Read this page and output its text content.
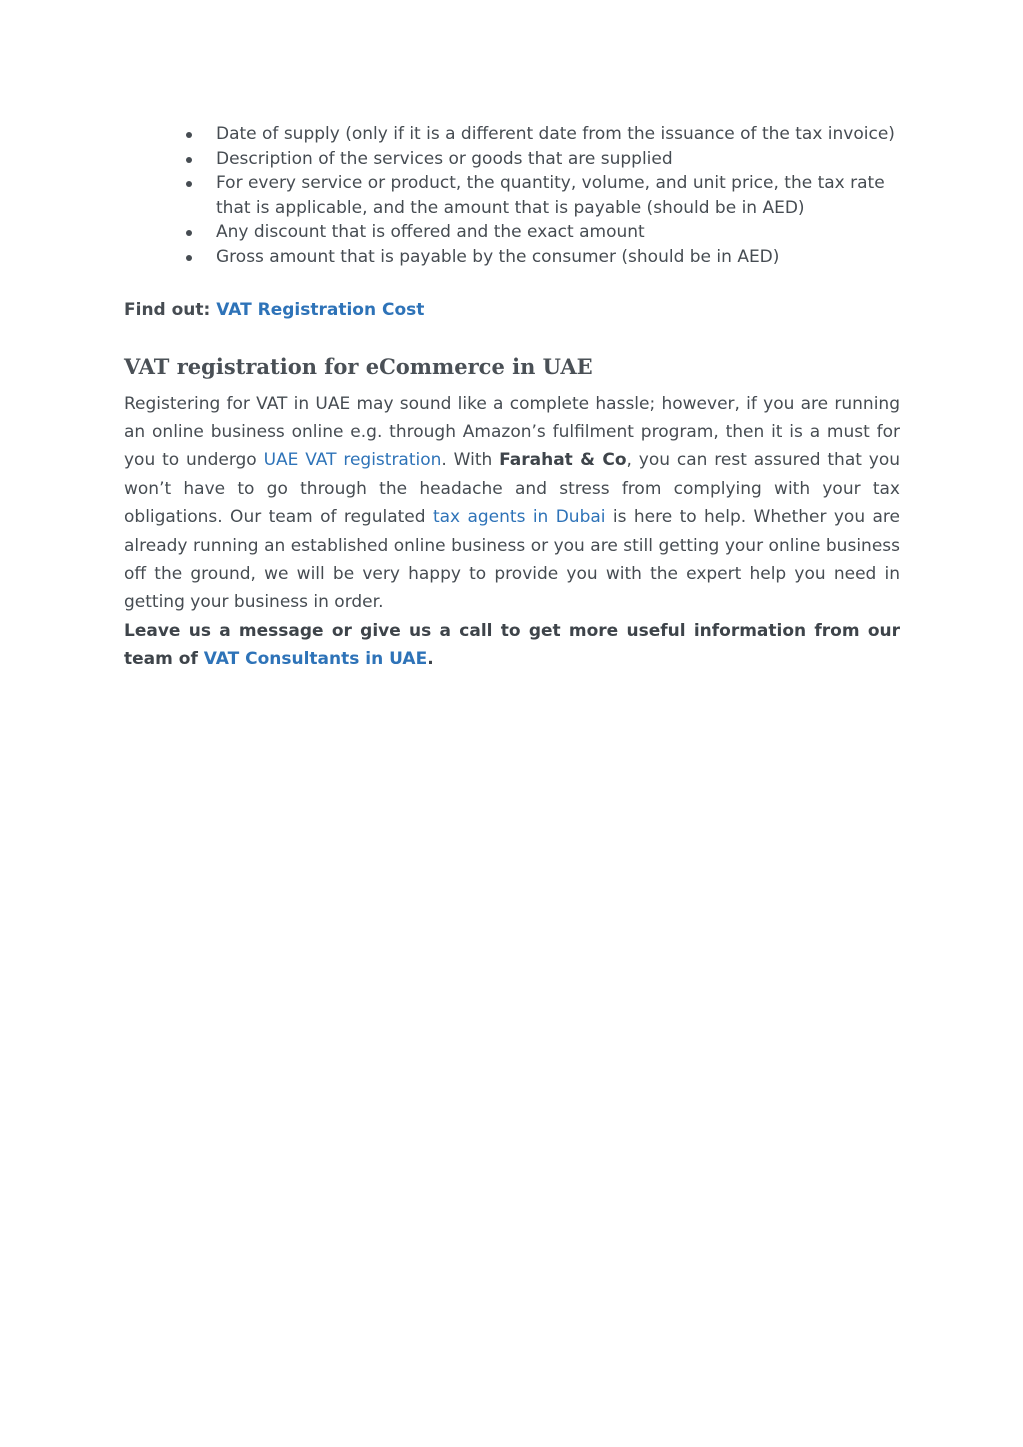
Date of supply (only if it is a different date from the issuance of the tax invoice)
Description of the services or goods that are supplied
For every service or product, the quantity, volume, and unit price, the tax rate that is applicable, and the amount that is payable (should be in AED)
Any discount that is offered and the exact amount
Gross amount that is payable by the consumer (should be in AED)
Find out: VAT Registration Cost
VAT registration for eCommerce in UAE

Registering for VAT in UAE may sound like a complete hassle; however, if you are running an online business online e.g. through Amazon’s fulfilment program, then it is a must for you to undergo UAE VAT registration. With Farahat & Co, you can rest assured that you won’t have to go through the headache and stress from complying with your tax obligations. Our team of regulated tax agents in Dubai is here to help. Whether you are already running an established online business or you are still getting your online business off the ground, we will be very happy to provide you with the expert help you need in getting your business in order.

Leave us a message or give us a call to get more useful information from our team of VAT Consultants in UAE.
